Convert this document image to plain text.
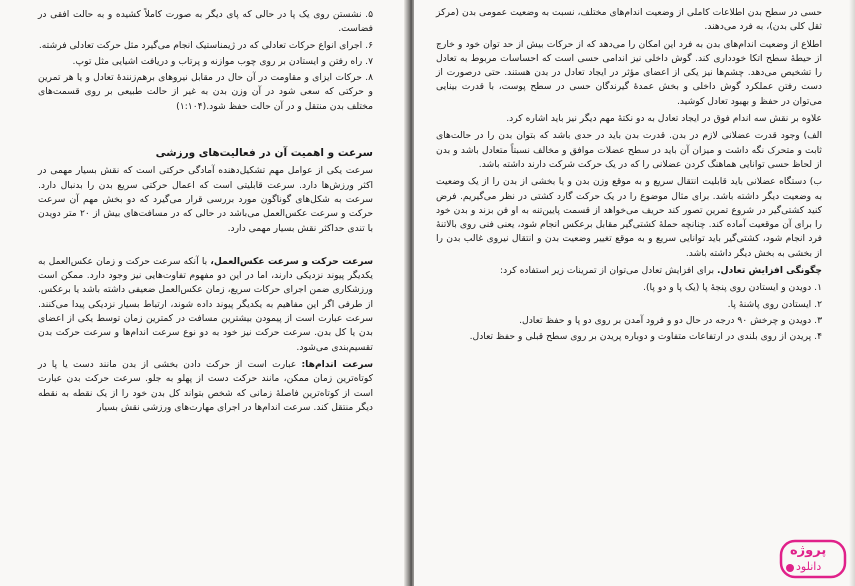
۵. نشستن روی یک پا در حالی که پای دیگر به صورت کاملاً کشیده و به حالت افقی در فضاست.

۶. اجرای انواع حرکات تعادلی که در ژیمناستیک انجام می‌گیرد مثل حرکت تعادلی فرشته.

۷. راه رفتن و ایستادن بر روی چوب موازنه و پرتاب و دریافت اشیایی مثل توپ.

۸. حرکات ایزای و مقاومت در آن حال در مقابل نیروهای برهم‌زنندهٔ تعادل و یا هر تمرین و حرکتی که سعی شود در آن وزن بدن به غیر از حالت طبیعی بر روی قسمت‌های مختلف بدن منتقل و در آن حالت حفظ شود.(۱:۱۰۴)

سرعت و اهمیت آن در فعالیت‌های ورزشی

سرعت یکی از عوامل مهم تشکیل‌دهنده آمادگی حرکتی است که نقش بسیار مهمی در اکثر ورزش‌ها دارد. سرعت قابلیتی است که اعمال حرکتی سریع بدن را بدنبال دارد. سرعت به شکل‌های گوناگون مورد بررسی قرار می‌گیرد که دو بخش مهم آن سرعت حرکت و سرعت عکس‌العمل می‌باشد در حالی که در مسافت‌های بیش از ۲۰ متر دویدن با تندی حداکثر نقش بسیار مهمی دارد.

سرعت حرکت و سرعت عکس‌العمل، با آنکه سرعت حرکت و زمان عکس‌العمل به یکدیگر پیوند نزدیکی دارند، اما در این دو مفهوم تفاوت‌هایی نیز وجود دارد. ممکن است ورزشکاری ضمن اجرای حرکات سریع، زمان عکس‌العمل ضعیفی داشته باشد یا برعکس. از طرفی اگر این مفاهیم به یکدیگر پیوند داده شوند، ارتباط بسیار نزدیکی پیدا می‌کنند. سرعت عبارت است از پیمودن بیشترین مسافت در کمترین زمان توسط یکی از اعضای بدن یا کل بدن. سرعت حرکت نیز خود به دو نوع سرعت اندام‌ها و سرعت حرکت بدن تقسیم‌بندی می‌شود.

سرعت اندام‌ها: عبارت است از حرکت دادن بخشی از بدن مانند دست یا پا در کوتاه‌ترین زمان ممکن، مانند حرکت دست از پهلو به جلو. سرعت حرکت بدن عبارت است از کوتاه‌ترین فاصلهٔ زمانی که شخص بتواند کل بدن خود را از یک نقطه به نقطه دیگر منتقل کند. سرعت اندام‌ها در اجرای مهارت‌های ورزشی نقش بسیار

حسی در سطح بدن اطلاعات کاملی از وضعیت اندام‌های مختلف، نسبت به وضعیت عمومی بدن (مرکز ثقل کلی بدن)، به فرد می‌دهند.

اطلاع از وضعیت اندام‌های بدن به فرد این امکان را می‌دهد که از حرکات بیش از حد توان خود و خارج از حیطهٔ سطح اتکا خودداری کند. گوش داخلی نیز اندامی حسی است که احساسات مربوط به تعادل را تشخیص می‌دهد. چشم‌ها نیز یکی از اعضای مؤثر در ایجاد تعادل در بدن هستند. حتی درصورت از دست رفتن عملکرد گوش داخلی و بخش عمدهٔ گیرندگان حسی در سطح پوست، با قدرت بینایی می‌توان در حفظ و بهبود تعادل کوشید.

علاوه بر نقش سه اندام فوق در ایجاد تعادل به دو نکتهٔ مهم دیگر نیز باید اشاره کرد.

الف) وجود قدرت عضلانی لازم در بدن. قدرت بدن باید در حدی باشد که بتوان بدن را در حالت‌های ثابت و متحرک نگه داشت و میزان آن باید در سطح عضلات موافق و مخالف نسبتاً متعادل باشد و بدن از لحاظ حسی توانایی هماهنگ کردن عضلانی را که در یک حرکت شرکت دارند داشته باشد.

ب) دستگاه عضلانی باید قابلیت انتقال سریع و به موقع وزن بدن و یا بخشی از بدن را از یک وضعیت به وضعیت دیگر داشته باشد. برای مثال موضوع را در یک حرکت گارد کشتی در نظر می‌گیریم. فرض کنید کشتی‌گیر در شروع تمرین تصور کند حریف می‌خواهد از قسمت پایین‌تنه به او فن بزند و بدن خود را برای آن موقعیت آماده کند. چنانچه حملهٔ کشتی‌گیر مقابل برعکس انجام شود، یعنی فنی روی بالاتنهٔ فرد انجام شود، کشتی‌گیر باید توانایی سریع و به موقع تغییر وضعیت بدن و انتقال نیروی غالب بدن را از بخشی به بخش دیگر داشته باشد.

چگونگی افزایش تعادل. برای افزایش تعادل می‌توان از تمرینات زیر استفاده کرد:

۱. دویدن و ایستادن روی پنجهٔ پا (یک پا و دو پا).

۲. ایستادن روی پاشنهٔ پا.

۳. دویدن و چرخش ۹۰ درجه در حال دو و فرود آمدن بر روی دو پا و حفظ تعادل.

۴. پریدن از روی بلندی در ارتفاعات متفاوت و دوباره پریدن بر روی سطح قبلی و حفظ تعادل.

پروژه
دانلود
